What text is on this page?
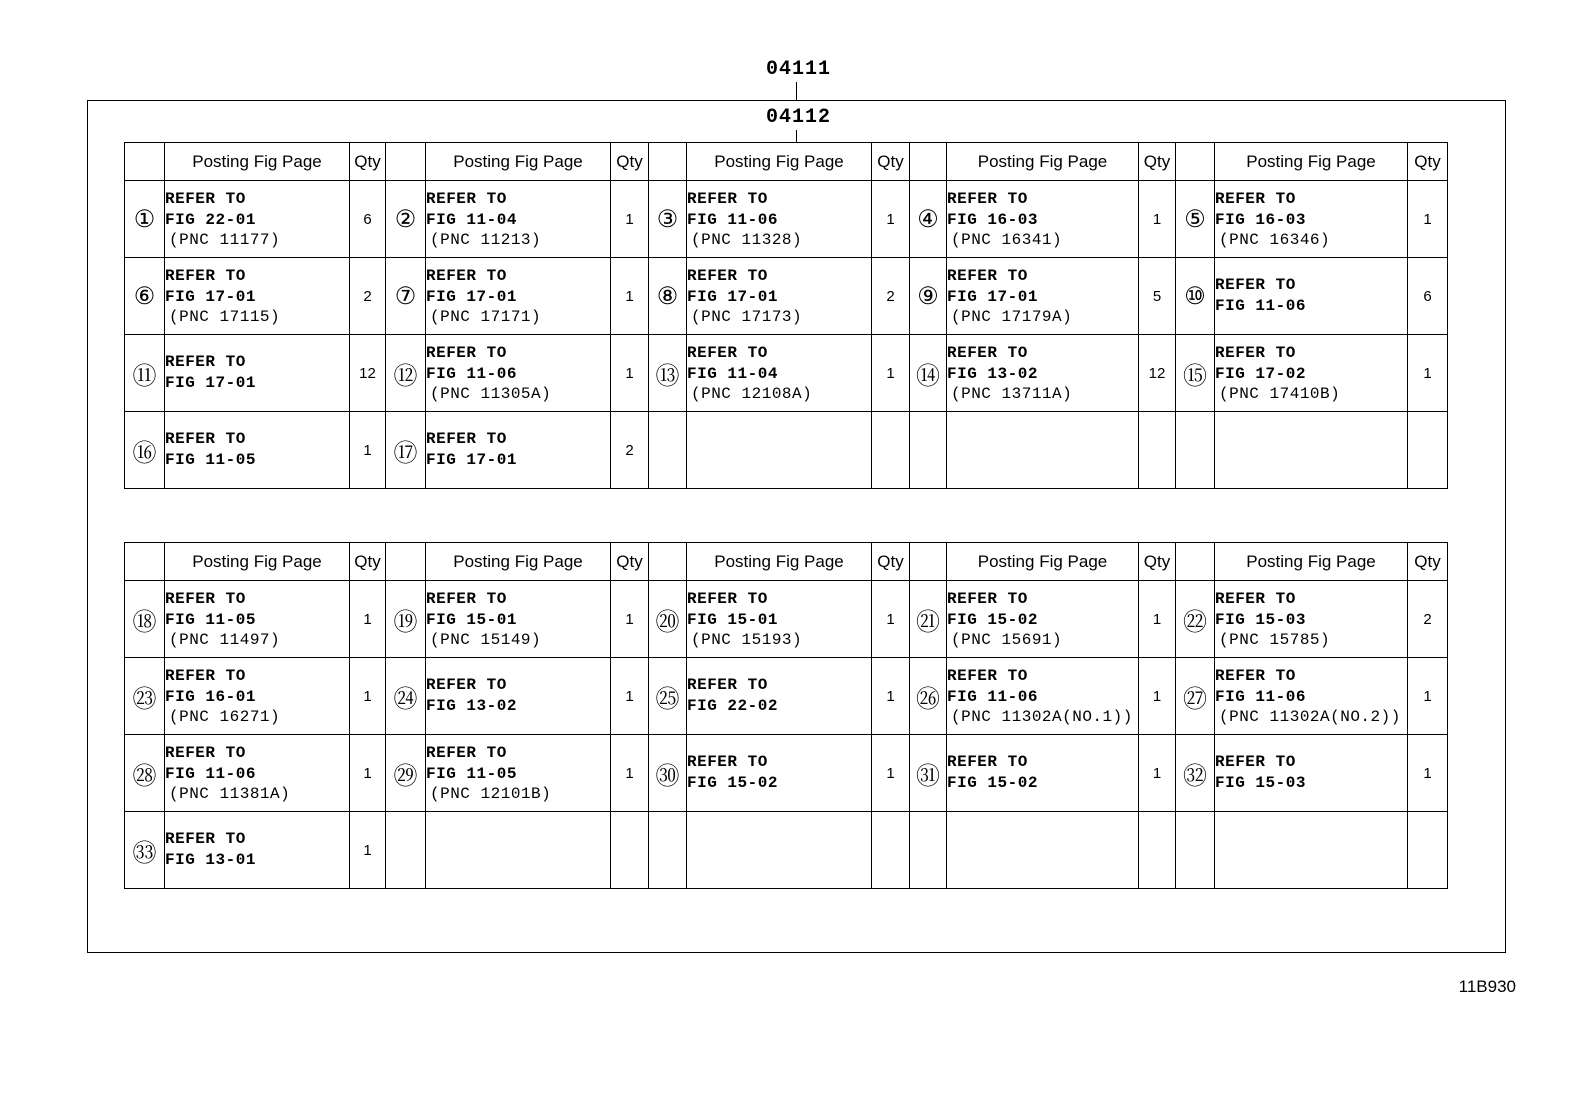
04111
04112
	Posting Fig Page	Qty		Posting Fig Page	Qty		Posting Fig Page	Qty		Posting Fig Page	Qty		Posting Fig Page	Qty
①	REFER TO
FIG 22-01
(PNC 11177)	6	②	REFER TO
FIG 11-04
(PNC 11213)	1	③	REFER TO
FIG 11-06
(PNC 11328)	1	④	REFER TO
FIG 16-03
(PNC 16341)	1	⑤	REFER TO
FIG 16-03
(PNC 16346)	1
⑥	REFER TO
FIG 17-01
(PNC 17115)	2	⑦	REFER TO
FIG 17-01
(PNC 17171)	1	⑧	REFER TO
FIG 17-01
(PNC 17173)	2	⑨	REFER TO
FIG 17-01
(PNC 17179A)	5	⑩	REFER TO
FIG 11-06	6
⑪	REFER TO
FIG 17-01	12	⑫	REFER TO
FIG 11-06
(PNC 11305A)	1	⑬	REFER TO
FIG 11-04
(PNC 12108A)	1	⑭	REFER TO
FIG 13-02
(PNC 13711A)	12	⑮	REFER TO
FIG 17-02
(PNC 17410B)	1
⑯	REFER TO
FIG 11-05	1	⑰	REFER TO
FIG 17-01	2		

	Posting Fig Page	Qty		Posting Fig Page	Qty		Posting Fig Page	Qty		Posting Fig Page	Qty		Posting Fig Page	Qty
⑱	REFER TO
FIG 11-05
(PNC 11497)	1	⑲	REFER TO
FIG 15-01
(PNC 15149)	1	⑳	REFER TO
FIG 15-01
(PNC 15193)	1	㉑	REFER TO
FIG 15-02
(PNC 15691)	1	㉒	REFER TO
FIG 15-03
(PNC 15785)	2
㉓	REFER TO
FIG 16-01
(PNC 16271)	1	㉔	REFER TO
FIG 13-02	1	㉕	REFER TO
FIG 22-02	1	㉖	REFER TO
FIG 11-06
(PNC 11302A(NO.1))	1	㉗	REFER TO
FIG 11-06
(PNC 11302A(NO.2))	1
㉘	REFER TO
FIG 11-06
(PNC 11381A)	1	㉙	REFER TO
FIG 11-05
(PNC 12101B)	1	㉚	REFER TO
FIG 15-02	1	㉛	REFER TO
FIG 15-02	1	㉜	REFER TO
FIG 15-03	1
㉝	REFER TO
FIG 13-01	1		

11B930
